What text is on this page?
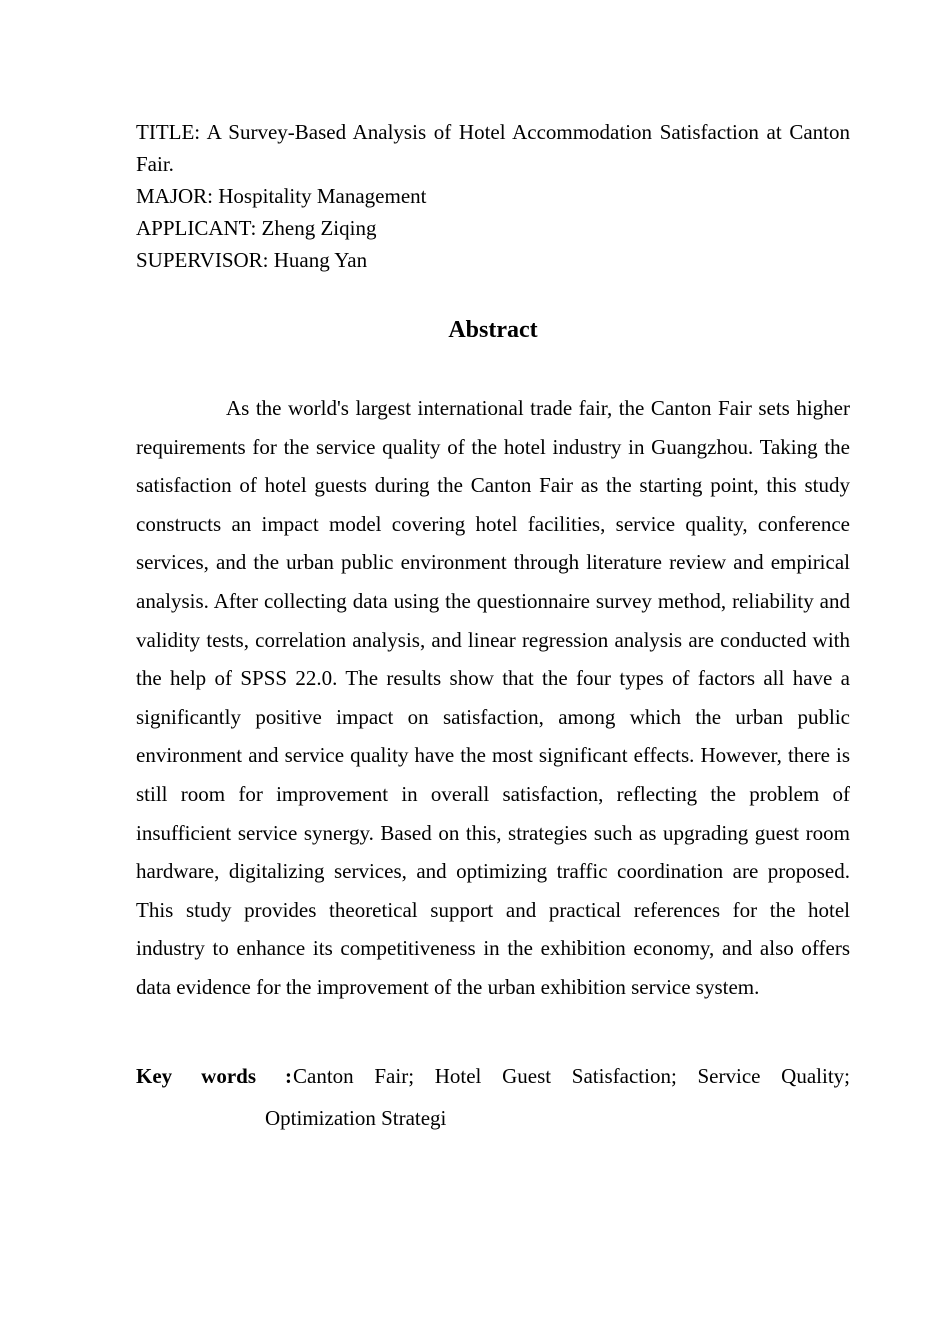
TITLE: A Survey-Based Analysis of Hotel Accommodation Satisfaction at Canton Fair.
MAJOR: Hospitality Management
APPLICANT: Zheng Ziqing
SUPERVISOR: Huang Yan
Abstract

As the world's largest international trade fair, the Canton Fair sets higher requirements for the service quality of the hotel industry in Guangzhou. Taking the satisfaction of hotel guests during the Canton Fair as the starting point, this study constructs an impact model covering hotel facilities, service quality, conference services, and the urban public environment through literature review and empirical analysis. After collecting data using the questionnaire survey method, reliability and validity tests, correlation analysis, and linear regression analysis are conducted with the help of SPSS 22.0. The results show that the four types of factors all have a significantly positive impact on satisfaction, among which the urban public environment and service quality have the most significant effects. However, there is still room for improvement in overall satisfaction, reflecting the problem of insufficient service synergy. Based on this, strategies such as upgrading guest room hardware, digitalizing services, and optimizing traffic coordination are proposed. This study provides theoretical support and practical references for the hotel industry to enhance its competitiveness in the exhibition economy, and also offers data evidence for the improvement of the urban exhibition service system.

Key words : Canton Fair; Hotel Guest Satisfaction; Service Quality;
Optimization Strategi
